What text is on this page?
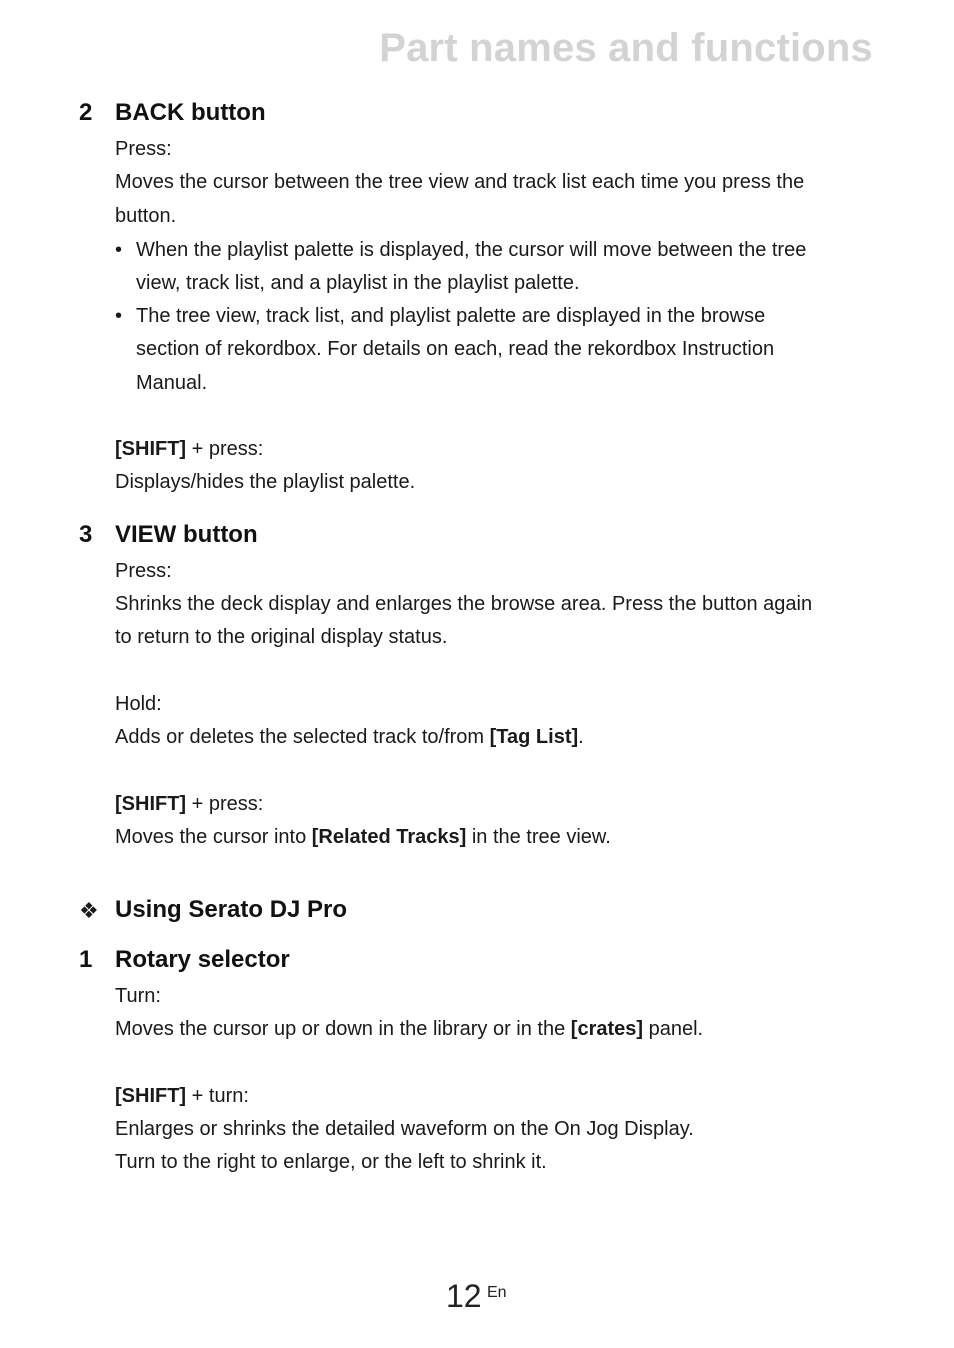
Part names and functions
2 BACK button
Press:
Moves the cursor between the tree view and track list each time you press the
button.
• When the playlist palette is displayed, the cursor will move between the tree
view, track list, and a playlist in the playlist palette.
• The tree view, track list, and playlist palette are displayed in the browse
section of rekordbox. For details on each, read the rekordbox Instruction
Manual.
[SHIFT] + press:
Displays/hides the playlist palette.
3 VIEW button
Press:
Shrinks the deck display and enlarges the browse area. Press the button again
to return to the original display status.
Hold:
Adds or deletes the selected track to/from [Tag List].
[SHIFT] + press:
Moves the cursor into [Related Tracks] in the tree view.
❖ Using Serato DJ Pro
1 Rotary selector
Turn:
Moves the cursor up or down in the library or in the [crates] panel.
[SHIFT] + turn:
Enlarges or shrinks the detailed waveform on the On Jog Display.
Turn to the right to enlarge, or the left to shrink it.
12 En
